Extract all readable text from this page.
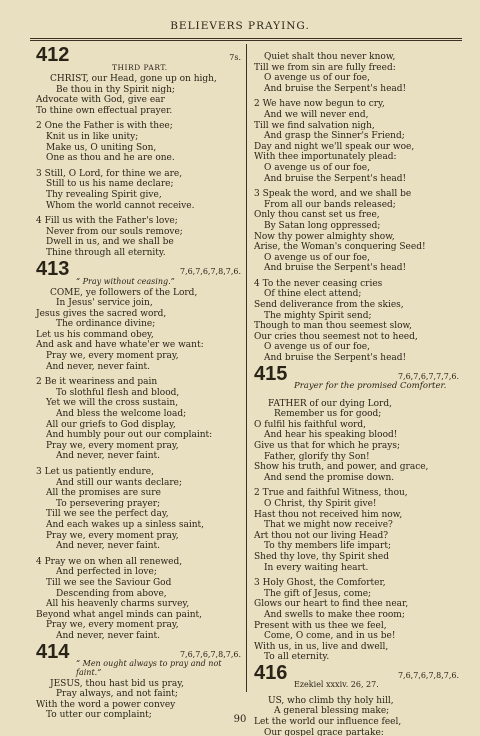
BELIEVERS PRAYING.
412
THIRD PART.
7s.
CHRIST, our Head, gone up on high,
Be thou in thy Spirit nigh;
Advocate with God, give ear
To thine own effectual prayer.
2 One the Father is with thee;
Knit us in like unity;
Make us, O uniting Son,
One as thou and he are one.
3 Still, O Lord, for thine we are,
Still to us his name declare;
Thy revealing Spirit give,
Whom the world cannot receive.
4 Fill us with the Father's love;
Never from our souls remove;
Dwell in us, and we shall be
Thine through all eternity.
413	7,6,7,6,7,8,7,6.
“ Pray without ceasing.”
COME, ye followers of the Lord,
In Jesus' service join,
Jesus gives the sacred word,
The ordinance divine;
Let us his command obey,
And ask and have whate'er we want:
Pray we, every moment pray,
And never, never faint.
2 Be it weariness and pain
To slothful flesh and blood,
Yet we will the cross sustain,
And bless the welcome load;
All our griefs to God display,
And humbly pour out our complaint:
Pray we, every moment pray,
And never, never faint.
3 Let us patiently endure,
And still our wants declare;
All the promises are sure
To persevering prayer;
Till we see the perfect day,
And each wakes up a sinless saint,
Pray we, every moment pray,
And never, never faint.
4 Pray we on when all renewed,
And perfected in love;
Till we see the Saviour God
Descending from above,
All his heavenly charms survey,
Beyond what angel minds can paint,
Pray we, every moment pray,
And never, never faint.
414	7,6,7,6,7,8,7,6.
“ Men ought always to pray and not faint.”
JESUS, thou hast bid us pray,
Pray always, and not faint;
With the word a power convey
To utter our complaint;
Quiet shalt thou never know,
Till we from sin are fully freed:
O avenge us of our foe,
And bruise the Serpent's head!
2 We have now begun to cry,
And we will never end,
Till we find salvation nigh,
And grasp the Sinner's Friend;
Day and night we'll speak our woe,
With thee importunately plead:
O avenge us of our foe,
And bruise the Serpent's head!
3 Speak the word, and we shall be
From all our bands released;
Only thou canst set us free,
By Satan long oppressed;
Now thy power almighty show,
Arise, the Woman's conquering Seed!
O avenge us of our foe,
And bruise the Serpent's head!
4 To the never ceasing cries
Of thine elect attend;
Send deliverance from the skies,
The mighty Spirit send;
Though to man thou seemest slow,
Our cries thou seemest not to heed,
O avenge us of our foe,
And bruise the Serpent's head!
415	7,6,7,6,7,7,7,6.
Prayer for the promised Comforter.
FATHER of our dying Lord,
Remember us for good;
O fulfil his faithful word,
And hear his speaking blood!
Give us that for which he prays;
Father, glorify thy Son!
Show his truth, and power, and grace,
And send the promise down.
2 True and faithful Witness, thou,
O Christ, thy Spirit give!
Hast thou not received him now,
That we might now receive?
Art thou not our living Head?
To thy members life impart;
Shed thy love, thy Spirit shed
In every waiting heart.
3 Holy Ghost, the Comforter,
The gift of Jesus, come;
Glows our heart to find thee near,
And swells to make thee room;
Present with us thee we feel,
Come, O come, and in us be!
With us, in us, live and dwell,
To all eternity.
416	7,6,7,6,7,8,7,6.
Ezekiel xxxiv. 26, 27.
US, who climb thy holy hill,
A general blessing make;
Let the world our influence feel,
Our gospel grace partake:
90
